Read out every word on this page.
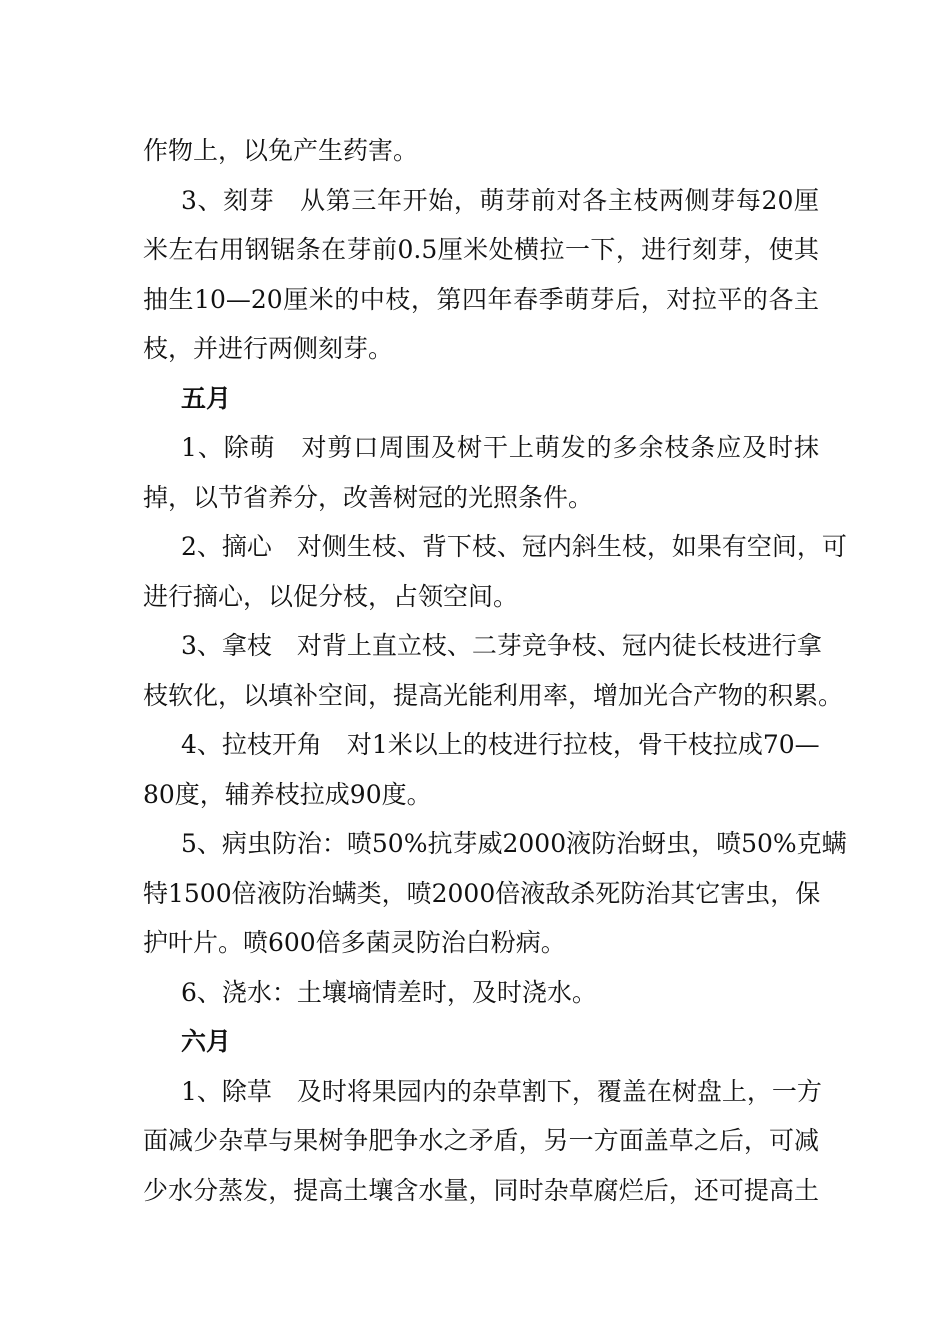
作物上，以免产生药害。
3、刻芽　从第三年开始，萌芽前对各主枝两侧芽每20厘
米左右用钢锯条在芽前0.5厘米处横拉一下，进行刻芽，使其
抽生10—20厘米的中枝，第四年春季萌芽后，对拉平的各主
枝，并进行两侧刻芽。
五月
1、除萌　对剪口周围及树干上萌发的多余枝条应及时抹
掉，以节省养分，改善树冠的光照条件。
2、摘心　对侧生枝、背下枝、冠内斜生枝，如果有空间，可
进行摘心，以促分枝，占领空间。
3、拿枝　对背上直立枝、二芽竞争枝、冠内徒长枝进行拿
枝软化，以填补空间，提高光能利用率，增加光合产物的积累。
4、拉枝开角　对1米以上的枝进行拉枝，骨干枝拉成70—
80度，辅养枝拉成90度。
5、病虫防治：喷50%抗芽威2000液防治蚜虫，喷50%克螨
特1500倍液防治螨类，喷2000倍液敌杀死防治其它害虫，保
护叶片。喷600倍多菌灵防治白粉病。
6、浇水：土壤墒情差时，及时浇水。
六月
1、除草　及时将果园内的杂草割下，覆盖在树盘上，一方
面减少杂草与果树争肥争水之矛盾，另一方面盖草之后，可减
少水分蒸发，提高土壤含水量，同时杂草腐烂后，还可提高土
